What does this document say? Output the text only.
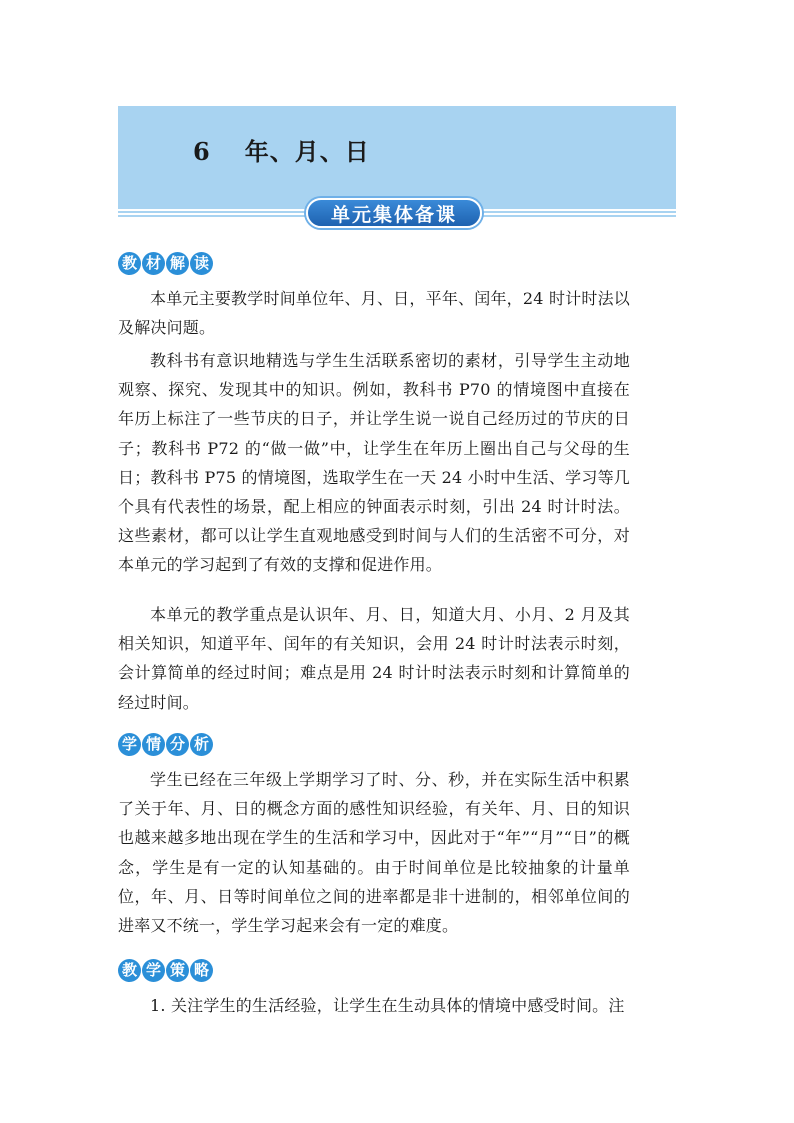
6 年、月、日
单元集体备课
教 材 解 读

本单元主要教学时间单位年、月、日，平年、闰年，24 时计时法以及解决问题。

教科书有意识地精选与学生生活联系密切的素材，引导学生主动地观察、探究、发现其中的知识。例如，教科书 P70 的情境图中直接在年历上标注了一些节庆的日子，并让学生说一说自己经历过的节庆的日子；教科书 P72 的“做一做”中，让学生在年历上圈出自己与父母的生日；教科书 P75 的情境图，选取学生在一天 24 小时中生活、学习等几个具有代表性的场景，配上相应的钟面表示时刻，引出 24 时计时法。这些素材，都可以让学生直观地感受到时间与人们的生活密不可分，对本单元的学习起到了有效的支撑和促进作用。

本单元的教学重点是认识年、月、日，知道大月、小月、2 月及其相关知识，知道平年、闰年的有关知识，会用 24 时计时法表示时刻，会计算简单的经过时间；难点是用 24 时计时法表示时刻和计算简单的经过时间。

学 情 分 析

学生已经在三年级上学期学习了时、分、秒，并在实际生活中积累了关于年、月、日的概念方面的感性知识经验，有关年、月、日的知识也越来越多地出现在学生的生活和学习中，因此对于“年”“月”“日”的概念，学生是有一定的认知基础的。由于时间单位是比较抽象的计量单位，年、月、日等时间单位之间的进率都是非十进制的，相邻单位间的进率又不统一，学生学习起来会有一定的难度。

教 学 策 略

1. 关注学生的生活经验，让学生在生动具体的情境中感受时间。注
